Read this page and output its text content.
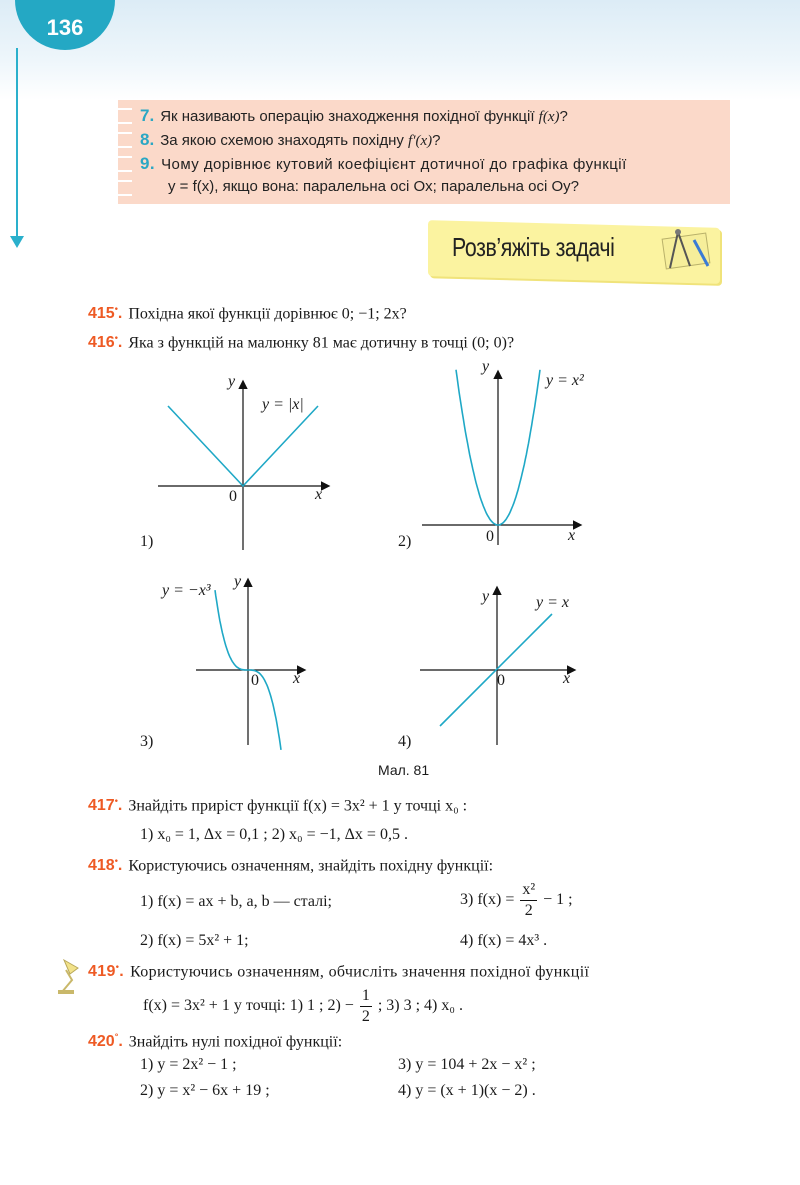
136
7. Як називають операцію знаходження похідної функції f(x)?
8. За якою схемою знаходять похідну f′(x)?
9. Чому дорівнює кутовий коефіцієнт дотичної до графіка функції
y = f(x), якщо вона: паралельна осі Ox; паралельна осі Oy?
Розв’яжіть задачі
415•. Похідна якої функції дорівнює 0; −1; 2x?
416•. Яка з функцій на малюнку 81 має дотичну в точці (0; 0)?
y
y = |x|
0	x
1)
y
y = x²
0	x
2)
y
y = −x³
0 x
3)
y	y = x
0	x
4)
Мал. 81
417•. Знайдіть приріст функції f(x) = 3x² + 1 у точці x₀ :
1) x₀ = 1, Δx = 0,1 ; 2) x₀ = −1, Δx = 0,5 .
418•. Користуючись означенням, знайдіть похідну функції:
1) f(x) = ax + b, a, b — сталі;	3) $f(x) = \frac{\text{x²}}{2} - 1$ ;
2) f(x) = 5x² + 1;	4) f(x) = 4x³ .
419•. Користуючись означенням, обчисліть значення похідної функції
f(x) = 3x² + 1 у точці: 1) 1 ; $2) - \frac{1}{2}$ ; 3) 3 ; 4) x₀ .
420°. Знайдіть нулі похідної функції:
1) y = 2x² − 1 ;	3) y = 104 + 2x − x² ;
2) y = x² − 6x + 19 ;	4) y = (x + 1)(x − 2) .
